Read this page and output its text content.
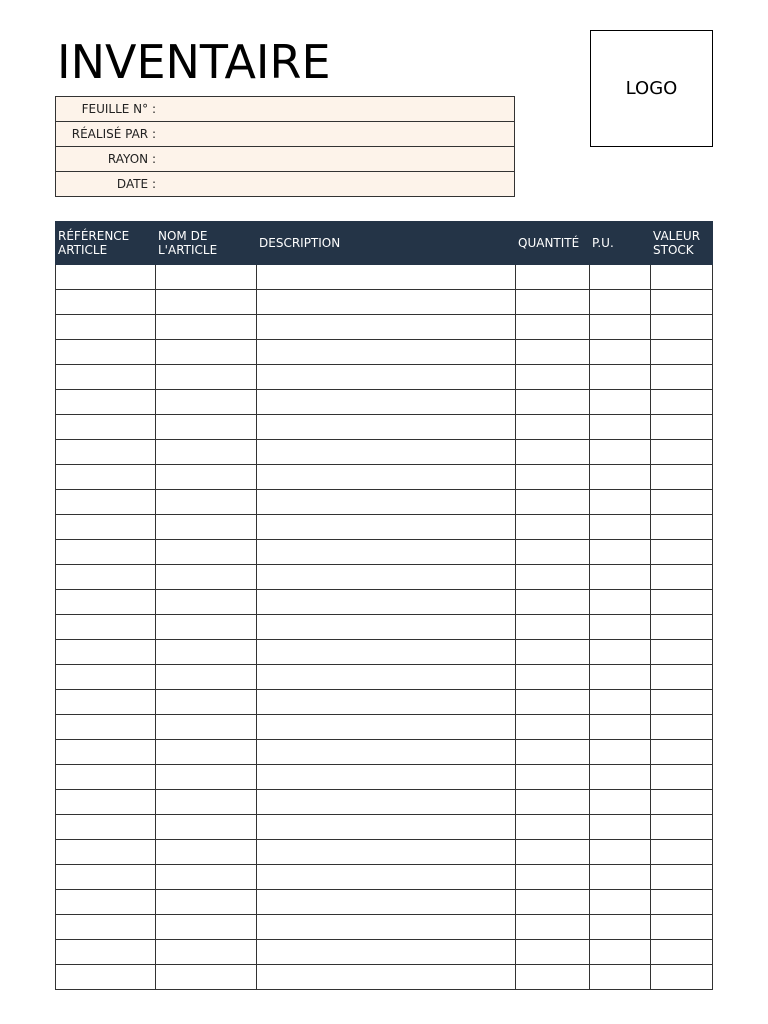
INVENTAIRE	LOGO
FEUILLE N° :	
RÉALISÉ PAR :	
RAYON :	
DATE :	
RÉFÉRENCE ARTICLE	NOM DE L'ARTICLE	DESCRIPTION	QUANTITÉ	P.U.	VALEUR STOCK
